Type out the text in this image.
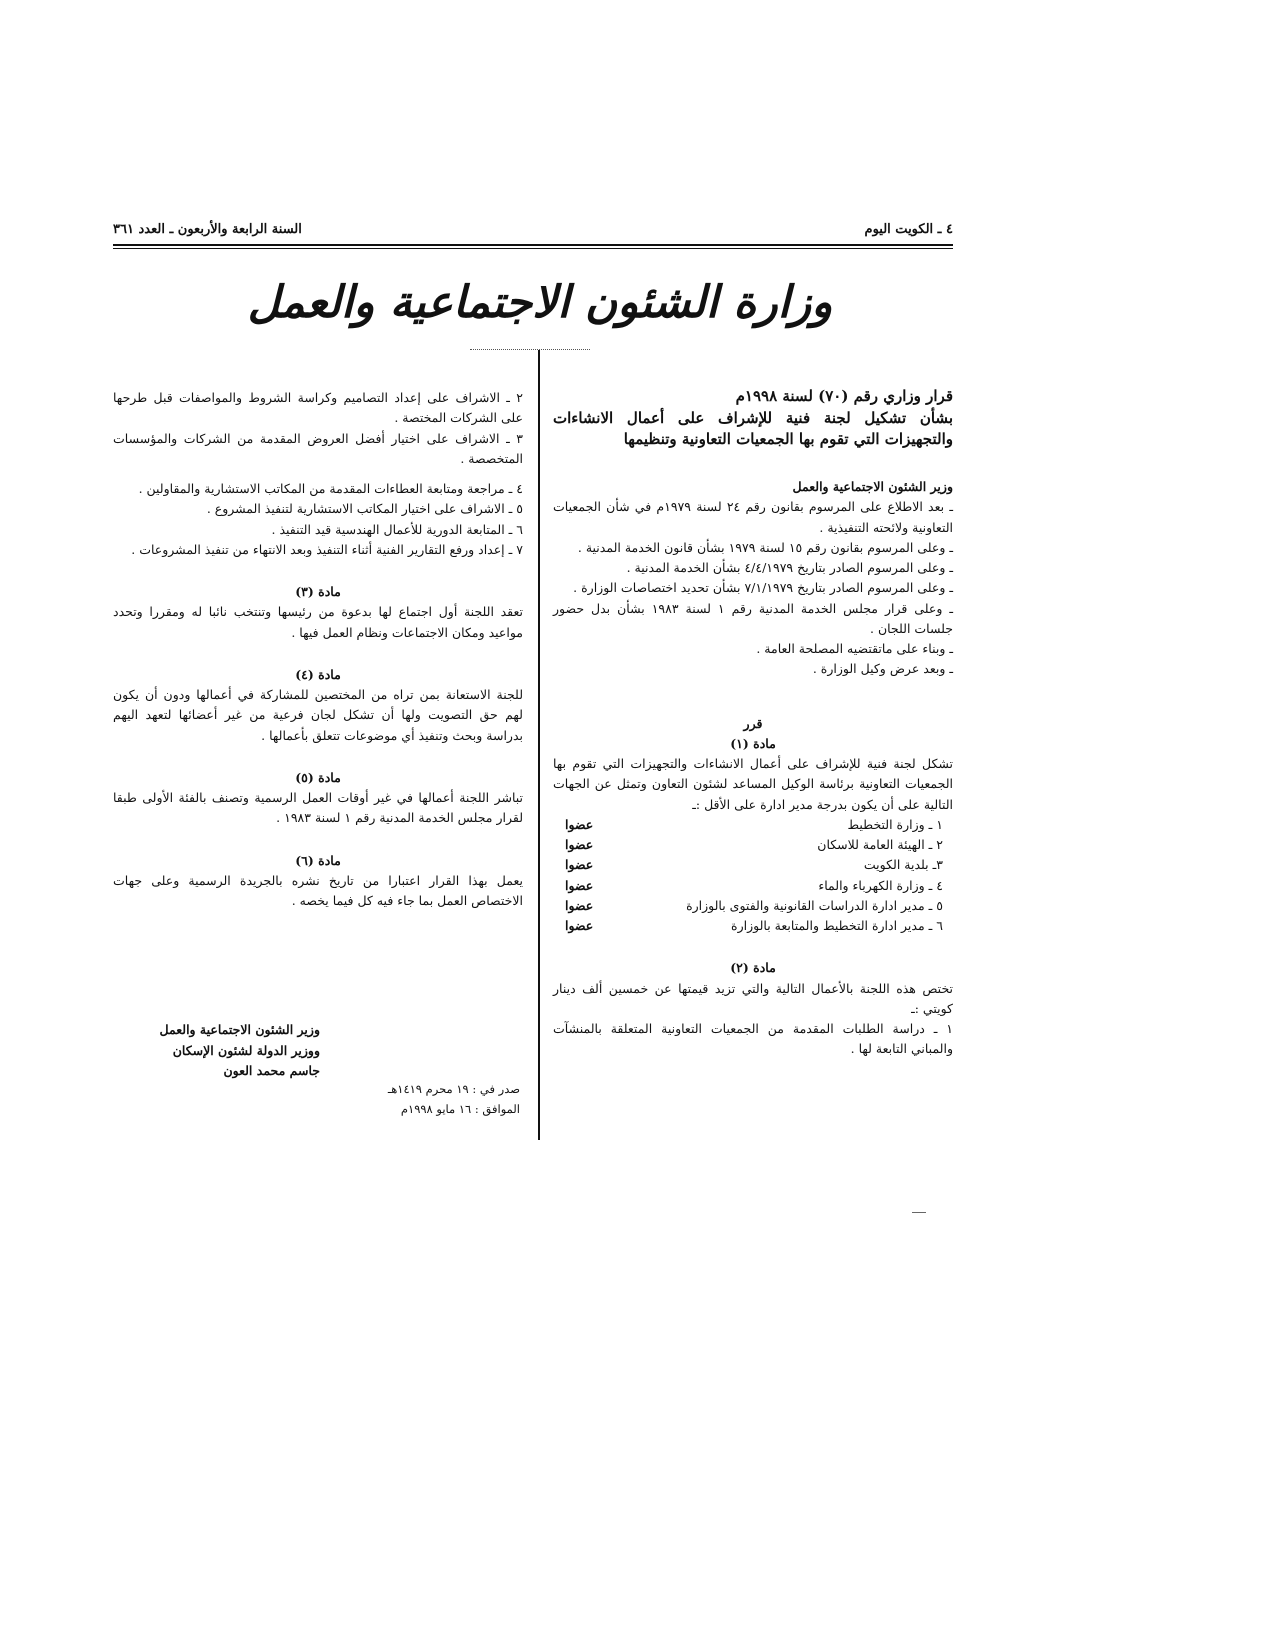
٤ ـ الكويت اليوم
السنة الرابعة والأربعون ـ العدد ٣٦١
وزارة الشئون الاجتماعية والعمل

قرار وزاري رقم (٧٠) لسنة ١٩٩٨م

بشأن تشكيل لجنة فنية للإشراف على أعمال الانشاءات والتجهيزات التي تقوم بها الجمعيات التعاونية وتنظيمها

وزير الشئون الاجتماعية والعمل

ـ بعد الاطلاع على المرسوم بقانون رقم ٢٤ لسنة ١٩٧٩م في شأن الجمعيات التعاونية ولائحته التنفيذية .

ـ وعلى المرسوم بقانون رقم ١٥ لسنة ١٩٧٩ بشأن قانون الخدمة المدنية .

ـ وعلى المرسوم الصادر بتاريخ ٤/٤/١٩٧٩ بشأن الخدمة المدنية .

ـ وعلى المرسوم الصادر بتاريخ ٧/١/١٩٧٩ بشأن تحديد اختصاصات الوزارة .

ـ وعلى قرار مجلس الخدمة المدنية رقم ١ لسنة ١٩٨٣ بشأن بدل حضور جلسات اللجان .

ـ وبناء على ماتقتضيه المصلحة العامة .

ـ وبعد عرض وكيل الوزارة .

قرر

مادة (١)

تشكل لجنة فنية للإشراف على أعمال الانشاءات والتجهيزات التي تقوم بها الجمعيات التعاونية برئاسة الوكيل المساعد لشئون التعاون وتمثل عن الجهات التالية على أن يكون بدرجة مدير ادارة على الأقل :ـ

١ ـ وزارة التخطيط
عضوا
٢ ـ الهيئة العامة للاسكان
عضوا
٣ـ بلدية الكويت
عضوا
٤ ـ وزارة الكهرباء والماء
عضوا
٥ ـ مدير ادارة الدراسات القانونية والفتوى بالوزارة
عضوا
٦ ـ مدير ادارة التخطيط والمتابعة بالوزارة
عضوا

مادة (٢)

تختص هذه اللجنة بالأعمال التالية والتي تزيد قيمتها عن خمسين ألف دينار كويتي :ـ

١ ـ دراسة الطلبات المقدمة من الجمعيات التعاونية المتعلقة بالمنشآت والمباني التابعة لها .

٢ ـ الاشراف على إعداد التصاميم وكراسة الشروط والمواصفات قبل طرحها على الشركات المختصة .

٣ ـ الاشراف على اختيار أفضل العروض المقدمة من الشركات والمؤسسات المتخصصة .

٤ ـ مراجعة ومتابعة العطاءات المقدمة من المكاتب الاستشارية والمقاولين .

٥ ـ الاشراف على اختيار المكاتب الاستشارية لتنفيذ المشروع .

٦ ـ المتابعة الدورية للأعمال الهندسية قيد التنفيذ .

٧ ـ إعداد ورفع التقارير الفنية أثناء التنفيذ وبعد الانتهاء من تنفيذ المشروعات .

مادة (٣)

تعقد اللجنة أول اجتماع لها بدعوة من رئيسها وتنتخب نائبا له ومقررا وتحدد مواعيد ومكان الاجتماعات ونظام العمل فيها .

مادة (٤)

للجنة الاستعانة بمن تراه من المختصين للمشاركة في أعمالها ودون أن يكون لهم حق التصويت ولها أن تشكل لجان فرعية من غير أعضائها لتعهد اليهم بدراسة وبحث وتنفيذ أي موضوعات تتعلق بأعمالها .

مادة (٥)

تباشر اللجنة أعمالها في غير أوقات العمل الرسمية وتصنف بالفئة الأولى طبقا لقرار مجلس الخدمة المدنية رقم ١ لسنة ١٩٨٣ .

مادة (٦)

يعمل بهذا القرار اعتبارا من تاريخ نشره بالجريدة الرسمية وعلى جهات الاختصاص العمل بما جاء فيه كل فيما يخصه .

وزير الشئون الاجتماعية والعمل

ووزير الدولة لشئون الإسكان

جاسم محمد العون

صدر في : ١٩ محرم ١٤١٩هـ

الموافق : ١٦ مايو ١٩٩٨م
